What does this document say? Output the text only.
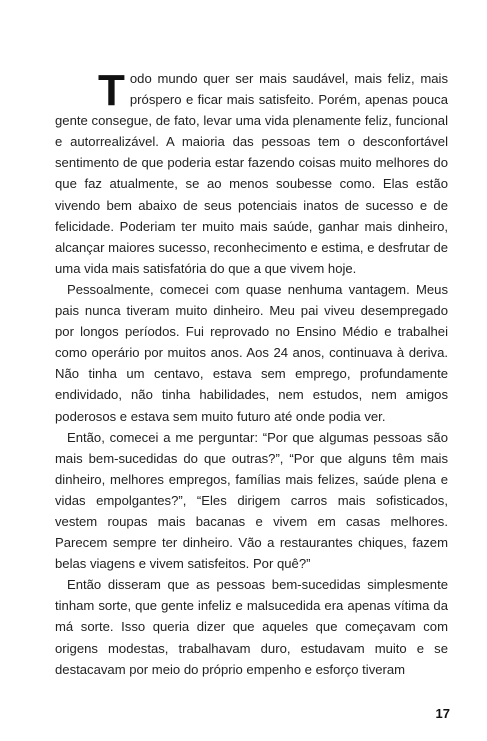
Todo mundo quer ser mais saudável, mais feliz, mais próspero e ficar mais satisfeito. Porém, apenas pouca gente consegue, de fato, levar uma vida plenamente feliz, funcional e autorrealizável. A maioria das pessoas tem o desconfortável sentimento de que poderia estar fazendo coisas muito melhores do que faz atualmente, se ao menos soubesse como. Elas estão vivendo bem abaixo de seus potenciais inatos de sucesso e de felicidade. Poderiam ter muito mais saúde, ganhar mais dinheiro, alcançar maiores sucesso, reconhecimento e estima, e desfrutar de uma vida mais satisfatória do que a que vivem hoje.

Pessoalmente, comecei com quase nenhuma vantagem. Meus pais nunca tiveram muito dinheiro. Meu pai viveu desempregado por longos períodos. Fui reprovado no Ensino Médio e trabalhei como operário por muitos anos. Aos 24 anos, continuava à deriva. Não tinha um centavo, estava sem emprego, profundamente endividado, não tinha habilidades, nem estudos, nem amigos poderosos e estava sem muito futuro até onde podia ver.

Então, comecei a me perguntar: “Por que algumas pessoas são mais bem-sucedidas do que outras?”, “Por que alguns têm mais dinheiro, melhores empregos, famílias mais felizes, saúde plena e vidas empolgantes?”, “Eles dirigem carros mais sofisticados, vestem roupas mais bacanas e vivem em casas melhores. Parecem sempre ter dinheiro. Vão a restaurantes chiques, fazem belas viagens e vivem satisfeitos. Por quê?”

Então disseram que as pessoas bem-sucedidas simplesmente tinham sorte, que gente infeliz e malsucedida era apenas vítima da má sorte. Isso queria dizer que aqueles que começavam com origens modestas, trabalhavam duro, estudavam muito e se destacavam por meio do próprio empenho e esforço tiveram

17
